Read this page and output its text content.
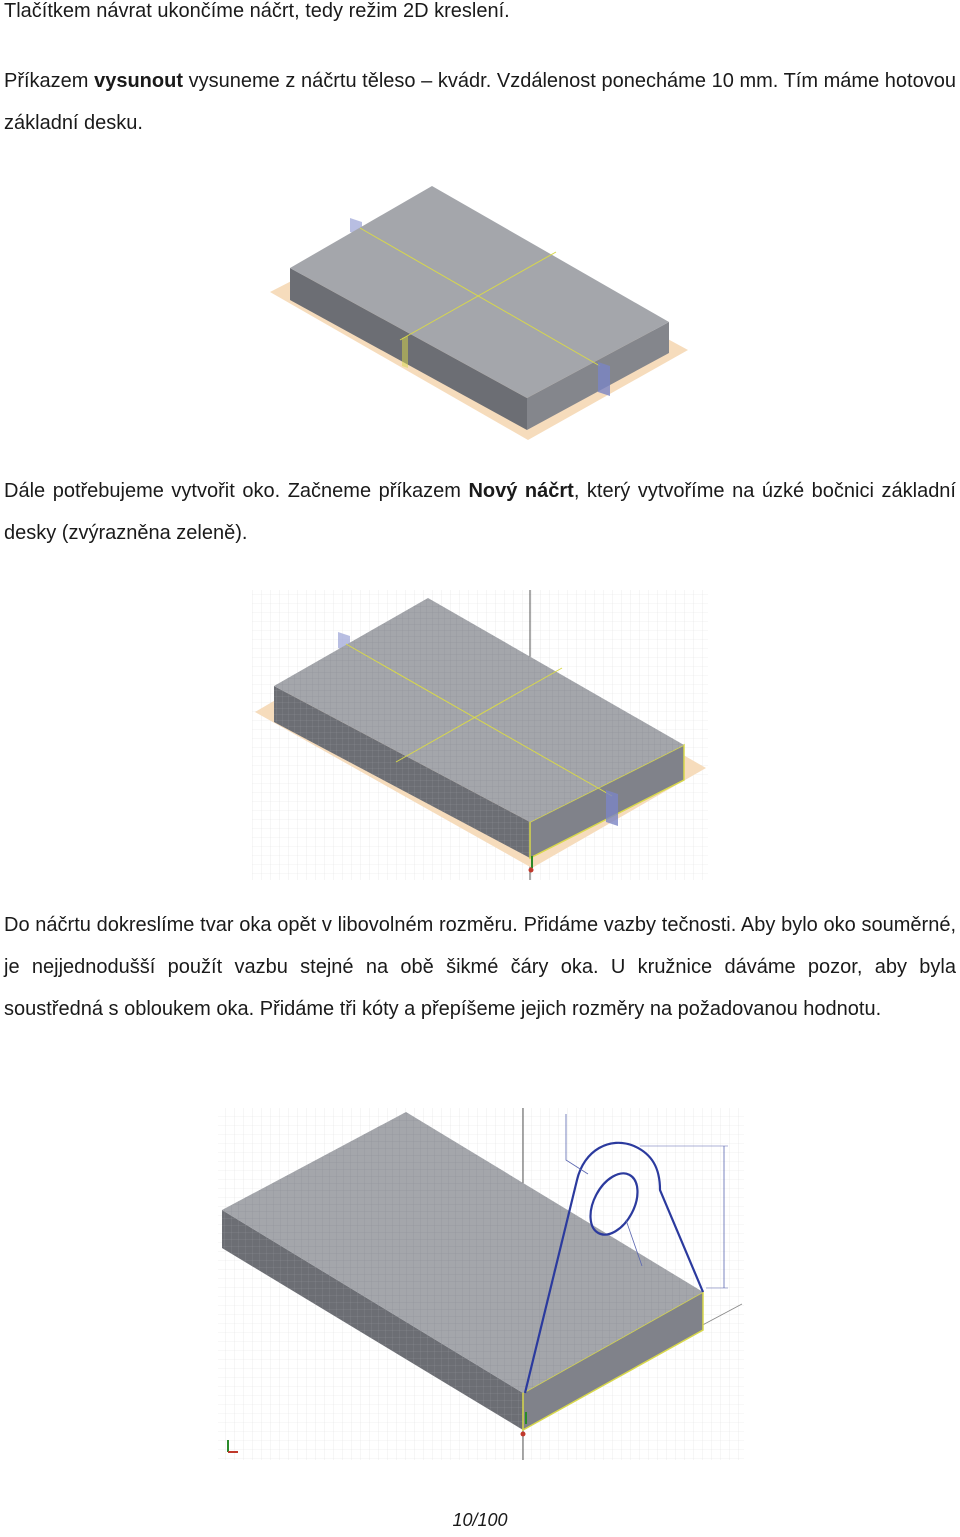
Tlačítkem návrat ukončíme náčrt, tedy režim 2D kreslení.

Příkazem vysunout vysuneme z náčrtu těleso – kvádr. Vzdálenost ponecháme 10 mm. Tím máme hotovou základní desku.

Dále potřebujeme vytvořit oko. Začneme příkazem Nový náčrt, který vytvoříme na úzké bočnici základní desky (zvýrazněna zeleně).

Do náčrtu dokreslíme tvar oka opět v libovolném rozměru. Přidáme vazby tečnosti. Aby bylo oko souměrné, je nejjednodušší použít vazbu stejné na obě šikmé čáry oka. U kružnice dáváme pozor, aby byla soustředná s obloukem oka. Přidáme tři kóty a přepíšeme jejich rozměry na požadovanou hodnotu.

10/100
